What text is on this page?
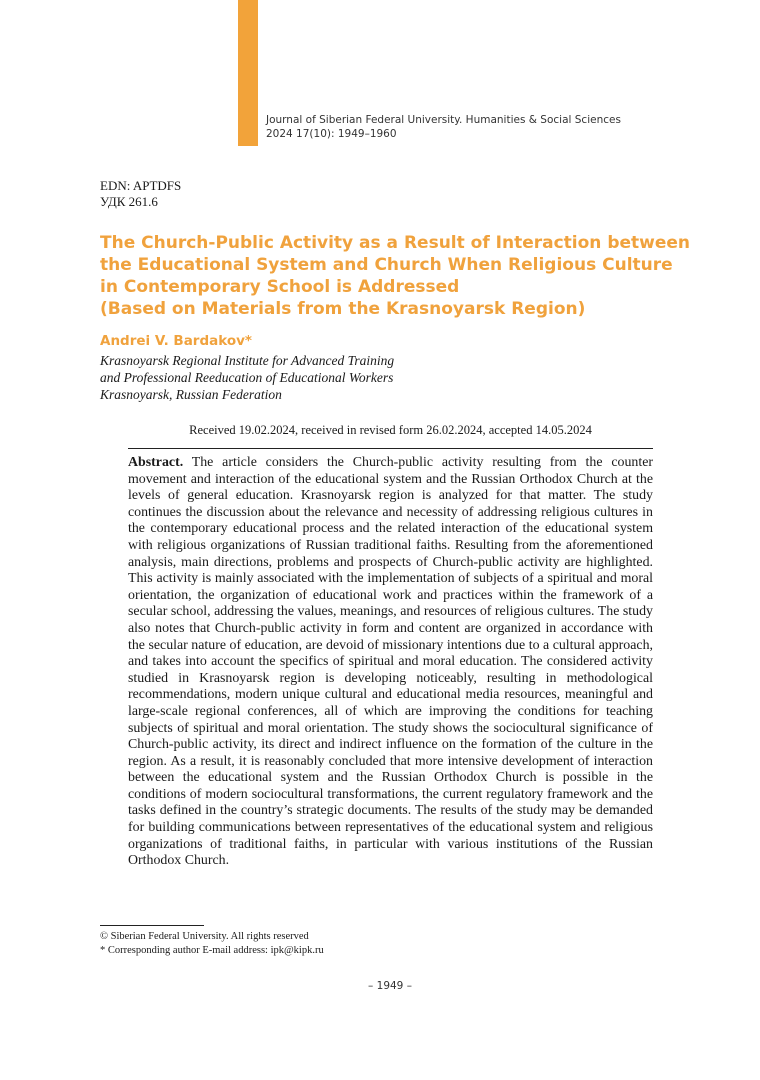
Journal of Siberian Federal University. Humanities & Social Sciences
2024 17(10): 1949–1960
EDN: APTDFS
УДК 261.6
The Church-Public Activity as a Result of Interaction between
the Educational System and Church When Religious Culture
in Contemporary School is Addressed
(Based on Materials from the Krasnoyarsk Region)
Andrei V. Bardakov*
Krasnoyarsk Regional Institute for Advanced Training
and Professional Reeducation of Educational Workers
Krasnoyarsk, Russian Federation
Received 19.02.2024, received in revised form 26.02.2024, accepted 14.05.2024
Abstract. The article considers the Church-public activity resulting from the counter movement and interaction of the educational system and the Russian Orthodox Church at the levels of general education. Krasnoyarsk region is analyzed for that matter. The study continues the discussion about the relevance and necessity of addressing religious cultures in the contemporary educational process and the related interaction of the educational system with religious organizations of Russian traditional faiths. Resulting from the aforementioned analysis, main directions, problems and prospects of Church-public activity are highlighted. This activity is mainly associated with the implementation of subjects of a spiritual and moral orientation, the organization of educational work and practices within the framework of a secular school, addressing the values, meanings, and resources of religious cultures. The study also notes that Church-public activity in form and content are organized in accordance with the secular nature of education, are devoid of missionary intentions due to a cultural approach, and takes into account the specifics of spiritual and moral education. The considered activity studied in Krasnoyarsk region is developing noticeably, resulting in methodological recommendations, modern unique cultural and educational media resources, meaningful and large-scale regional conferences, all of which are improving the conditions for teaching subjects of spiritual and moral orientation. The study shows the sociocultural significance of Church-public activity, its direct and indirect influence on the formation of the culture in the region. As a result, it is reasonably concluded that more intensive development of interaction between the educational system and the Russian Orthodox Church is possible in the conditions of modern sociocultural transformations, the current regulatory framework and the tasks defined in the country’s strategic documents. The results of the study may be demanded for building communications between representatives of the educational system and religious organizations of traditional faiths, in particular with various institutions of the Russian Orthodox Church.
© Siberian Federal University. All rights reserved
* Corresponding author E-mail address: ipk@kipk.ru
– 1949 –
